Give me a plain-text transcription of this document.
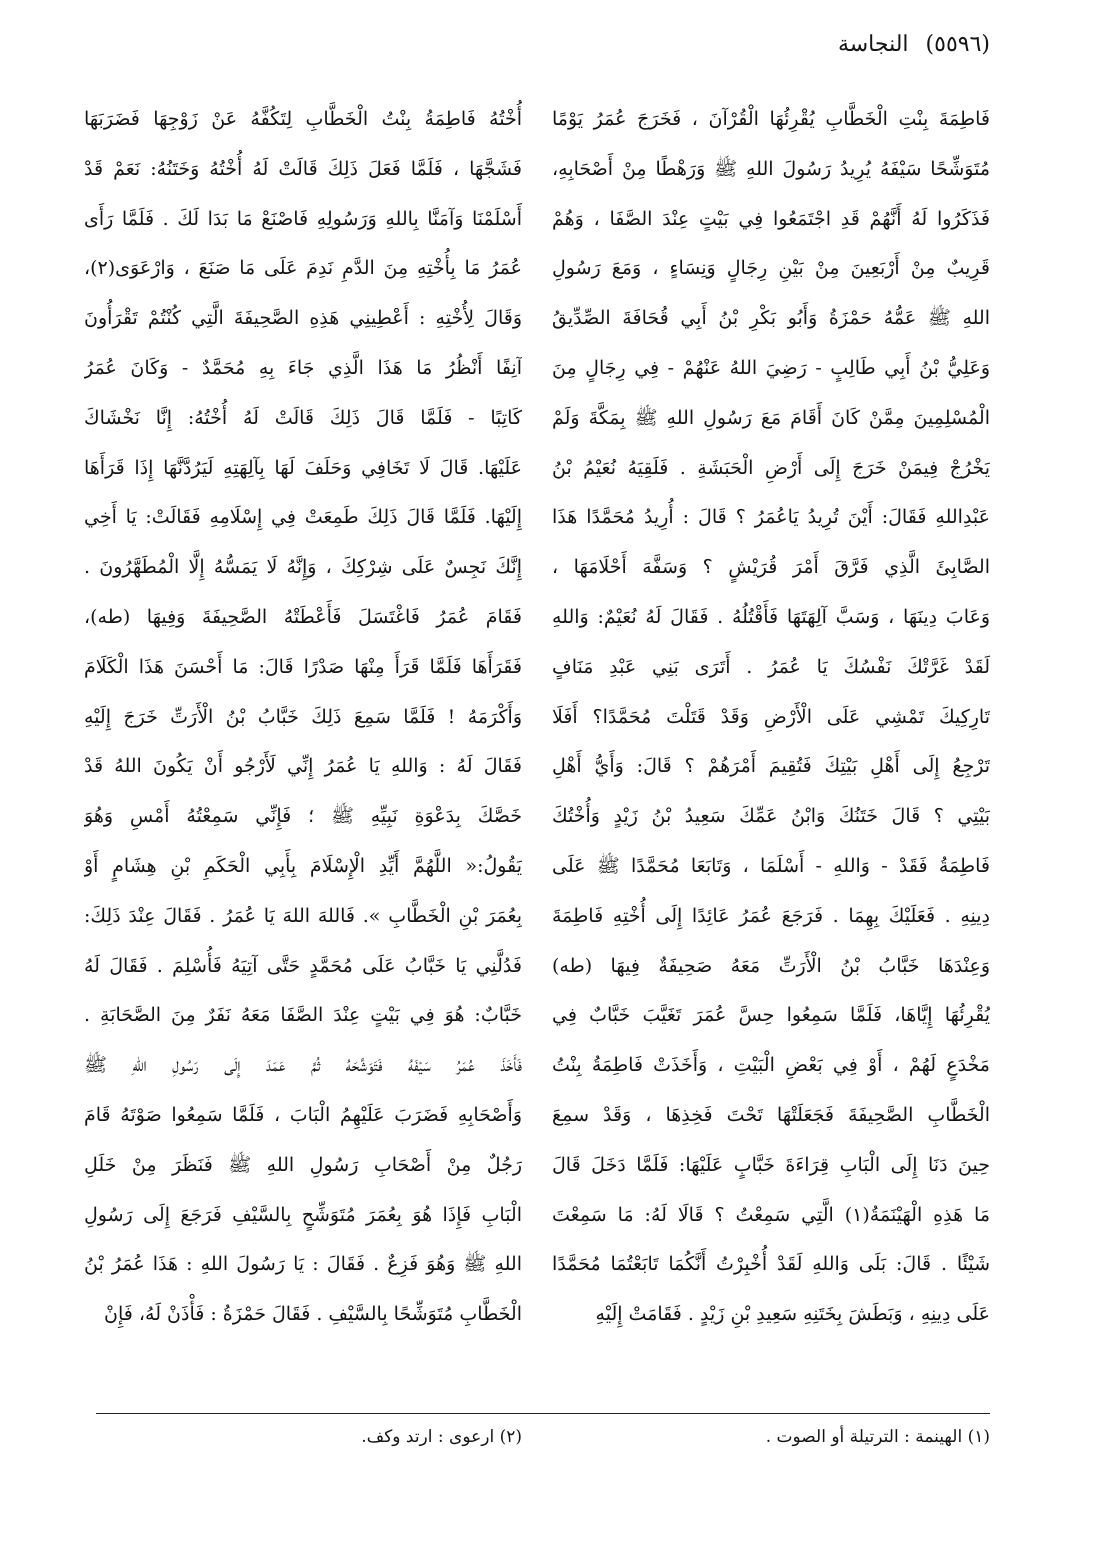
(٥٥٩٦) النجاسة
فَاطِمَةَ بِنْتِ الْخَطَّابِ يُقْرِئُهَا الْقُرْآنَ ، فَخَرَجَ عُمَرُ يَوْمًا
مُتَوَشِّحًا سَيْفَهُ يُرِيدُ رَسُولَ اللهِ ﷺ وَرَهْطًا مِنْ أَصْحَابِهِ،
فَذَكَرُوا لَهُ أَنَّهُمْ قَدِ اجْتَمَعُوا فِي بَيْتٍ عِنْدَ الصَّفَا ، وَهُمْ
قَرِيبٌ مِنْ أَرْبَعِينَ مِنْ بَيْنِ رِجَالٍ وَنِسَاءٍ ، وَمَعَ رَسُولِ
اللهِ ﷺ عَمُّهُ حَمْزَةُ وَأَبُو بَكْرِ بْنُ أَبِي قُحَافَةَ الصِّدِّيقُ
وَعَلِيُّ بْنُ أَبِي طَالِبٍ - رَضِيَ اللهُ عَنْهُمْ - فِي رِجَالٍ مِنَ
الْمُسْلِمِينَ مِمَّنْ كَانَ أَقَامَ مَعَ رَسُولِ اللهِ ﷺ بِمَكَّةَ وَلَمْ
يَخْرُجْ فِيمَنْ خَرَجَ إِلَى أَرْضِ الْحَبَشَةِ . فَلَقِيَهُ نُعَيْمُ بْنُ
عَبْدِاللهِ فَقَالَ: أَيْنَ تُرِيدُ يَاعُمَرُ ؟ قَالَ : أُرِيدُ مُحَمَّدًا هَذَا
الصَّابِئَ الَّذِي فَرَّقَ أَمْرَ قُرَيْشٍ ؟ وَسَفَّهَ أَحْلَامَهَا ،
وَعَابَ دِينَهَا ، وَسَبَّ آلِهَتَهَا فَأَقْتُلُهُ . فَقَالَ لَهُ نُعَيْمٌ: وَاللهِ
لَقَدْ غَرَّتْكَ نَفْسُكَ يَا عُمَرُ . أَتَرَى بَنِي عَبْدِ مَنَافٍ
تَارِكِيكَ تَمْشِي عَلَى الْأَرْضِ وَقَدْ قَتَلْتَ مُحَمَّدًا؟ أَفَلَا
تَرْجِعُ إِلَى أَهْلِ بَيْتِكَ فَتُقِيمَ أَمْرَهُمْ ؟ قَالَ: وَأَيُّ أَهْلِ
بَيْتِي ؟ قَالَ خَتَنُكَ وَابْنُ عَمِّكَ سَعِيدُ بْنُ زَيْدٍ وَأُخْتُكَ
فَاطِمَةُ فَقَدْ - وَاللهِ - أَسْلَمَا ، وَتَابَعَا مُحَمَّدًا ﷺ عَلَى
دِينِهِ . فَعَلَيْكَ بِهِمَا . فَرَجَعَ عُمَرُ عَائِدًا إِلَى أُخْتِهِ فَاطِمَةَ
وَعِنْدَهَا خَبَّابُ بْنُ الْأَرَتِّ مَعَهُ صَحِيفَةٌ فِيهَا (طه)
يُقْرِئُهَا إِيَّاهَا، فَلَمَّا سَمِعُوا حِسَّ عُمَرَ تَغَيَّبَ خَبَّابٌ فِي
مَخْدَعٍ لَهُمْ ، أَوْ فِي بَعْضِ الْبَيْتِ ، وَأَخَذَتْ فَاطِمَةُ بِنْتُ
الْخَطَّابِ الصَّحِيفَةَ فَجَعَلَتْهَا تَحْتَ فَخِذِهَا ، وَقَدْ سمِعَ
حِينَ دَنَا إِلَى الْبَابِ قِرَاءَةَ خَبَّابٍ عَلَيْهَا: فَلَمَّا دَخَلَ قَالَ
مَا هَذِهِ الْهَيْنَمَةُ(١) الَّتِي سَمِعْتُ ؟ قَالَا لَهُ: مَا سَمِعْتَ
شَيْئًا . قَالَ: بَلَى وَاللهِ لَقَدْ أُخْبِرْتُ أَنَّكُمَا تَابَعْتُمَا مُحَمَّدًا
عَلَى دِينِهِ ، وَبَطَشَ بِخَتَنِهِ سَعِيدِ بْنِ زَيْدٍ . فَقَامَتْ إِلَيْهِ
أُخْتُهُ فَاطِمَةُ بِنْتُ الْخَطَّابِ لِتَكُفَّهُ عَنْ زَوْجِهَا فَضَرَبَهَا
فَشَجَّهَا ، فَلَمَّا فَعَلَ ذَلِكَ قَالَتْ لَهُ أُخْتُهُ وَخَتَنُهُ: نَعَمْ قَدْ
أَسْلَمْنَا وَآمَنَّا بِاللهِ وَرَسُولِهِ فَاصْنَعْ مَا بَدَا لَكَ . فَلَمَّا رَأَى
عُمَرُ مَا بِأُخْتِهِ مِنَ الدَّمِ نَدِمَ عَلَى مَا صَنَعَ ، وَارْعَوَى(٢)،
وَقَالَ لِأُخْتِهِ : أَعْطِينِي هَذِهِ الصَّحِيفَةَ الَّتِي كُنْتُمْ تَقْرَأُونَ
آنِفًا أَنْظُرُ مَا هَذَا الَّذِي جَاءَ بِهِ مُحَمَّدٌ - وَكَانَ عُمَرُ
كَاتِبًا - فَلَمَّا قَالَ ذَلِكَ قَالَتْ لَهُ أُخْتُهُ: إِنَّا نَخْشَاكَ
عَلَيْهَا. قَالَ لَا تَخَافِي وَحَلَفَ لَهَا بِآلِهَتِهِ لَيَرُدَّنَّهَا إِذَا قَرَأَهَا
إِلَيْهَا. فَلَمَّا قَالَ ذَلِكَ طَمِعَتْ فِي إِسْلَامِهِ فَقَالَتْ: يَا أَخِي
إِنَّكَ نَجِسٌ عَلَى شِرْكِكَ ، وَإِنَّهُ لَا يَمَسُّهُ إِلَّا الْمُطَهَّرُونَ .
فَقَامَ عُمَرُ فَاغْتَسَلَ فَأَعْطَتْهُ الصَّحِيفَةَ وَفِيهَا (طه)،
فَقَرَأَهَا فَلَمَّا قَرَأَ مِنْهَا صَدْرًا قَالَ: مَا أَحْسَنَ هَذَا الْكَلَامَ
وَأَكْرَمَهُ ! فَلَمَّا سَمِعَ ذَلِكَ خَبَّابُ بْنُ الْأَرَتِّ خَرَجَ إِلَيْهِ
فَقَالَ لَهُ : وَاللهِ يَا عُمَرُ إِنِّي لَأَرْجُو أَنْ يَكُونَ اللهُ قَدْ
خَصَّكَ بِدَعْوَةِ نَبِيِّهِ ﷺ ؛ فَإِنِّي سَمِعْتُهُ أَمْسِ وَهُوَ
يَقُولُ:« اللَّهُمَّ أَيِّدِ الْإِسْلَامَ بِأَبِي الْحَكَمِ بْنِ هِشَامٍ أَوْ
بِعُمَرَ بْنِ الْخَطَّابِ ». فَاللهَ اللهَ يَا عُمَرُ . فَقَالَ عِنْدَ ذَلِكَ:
فَدُلَّنِي يَا خَبَّابُ عَلَى مُحَمَّدٍ حَتَّى آتِيَهُ فَأُسْلِمَ . فَقَالَ لَهُ
خَبَّابٌ: هُوَ فِي بَيْتٍ عِنْدَ الصَّفَا مَعَهُ نَفَرٌ مِنَ الصَّحَابَةِ .
فَأَخَذَ عُمَرُ سَيْفَهُ فَتَوَشَّحَهُ ثُمَّ عَمَدَ إِلَى رَسُولِ اللهِ ﷺ
وَأَصْحَابِهِ فَضَرَبَ عَلَيْهِمُ الْبَابَ ، فَلَمَّا سَمِعُوا صَوْتَهُ قَامَ
رَجُلٌ مِنْ أَصْحَابِ رَسُولِ اللهِ ﷺ فَنَظَرَ مِنْ خَلَلِ
الْبَابِ فَإِذَا هُوَ بِعُمَرَ مُتَوَشِّحٍ بِالسَّيْفِ فَرَجَعَ إِلَى رَسُولِ
اللهِ ﷺ وَهُوَ فَزِعٌ . فَقَالَ : يَا رَسُولَ اللهِ : هَذَا عُمَرُ بْنُ
الْخَطَّابِ مُتَوَشِّحًا بِالسَّيْفِ . فَقَالَ حَمْزَةُ : فَأْذَنْ لَهُ، فَإِنْ
(١) الهينمة : الترتيلة أو الصوت .
(٢) ارعوى : ارتد وكف.
